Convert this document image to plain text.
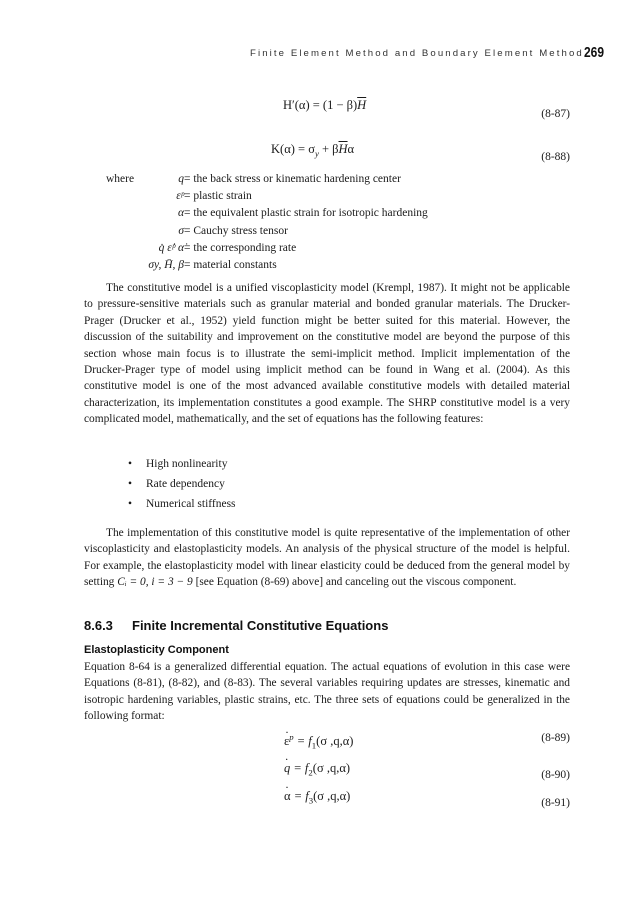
Finite Element Method and Boundary Element Method 269
$H'(\alpha) = (1 - \beta)\overline{H}$
(8-87)
$K(\alpha) = \sigma_y + \beta\overline{H}\alpha$
(8-88)
where	q = the back stress or kinematic hardening center
εᵖ = plastic strain
α = the equivalent plastic strain for isotropic hardening
σ = Cauchy stress tensor
q̇ ε̇ᵖ α̇ = the corresponding rate
σy, H̄, β = material constants

The constitutive model is a unified viscoplasticity model (Krempl, 1987). It might not be applicable to pressure-sensitive materials such as granular material and bonded granular materials. The Drucker-Prager (Drucker et al., 1952) yield function might be better suited for this material. However, the discussion of the suitability and improvement on the constitutive model are beyond the purpose of this section whose main focus is to illustrate the semi-implicit method. Implicit implementation of the Drucker-Prager type of model using implicit method can be found in Wang et al. (2004). As this constitutive model is one of the most advanced available constitutive models with detailed material characterization, its implementation constitutes a good example. The SHRP constitutive model is a very complicated model, mathematically, and the set of equations has the following features:

• High nonlinearity
• Rate dependency
• Numerical stiffness

The implementation of this constitutive model is quite representative of the implementation of other viscoplasticity and elastoplasticity models. An analysis of the physical structure of the model is helpful. For example, the elastoplasticity model with linear elasticity could be deduced from the general model by setting Cᵢ = 0, i = 3 − 9 [see Equation (8-69) above] and canceling out the viscous component.

8.6.3 Finite Incremental Constitutive Equations
Elastoplasticity Component

Equation 8-64 is a generalized differential equation. The actual equations of evolution in this case were Equations (8-81), (8-82), and (8-83). The several variables requiring updates are stresses, kinematic and isotropic hardening variables, plastic strains, etc. The three sets of equations could be generalized in the following format:

· $\varepsilon^p = f_1(\sigma$ ,q,α)	(8-89)
· $q = f_2(\sigma$ ,q,α)	(8-90)
· $\alpha = f_3(\sigma$ ,q,α)	(8-91)
